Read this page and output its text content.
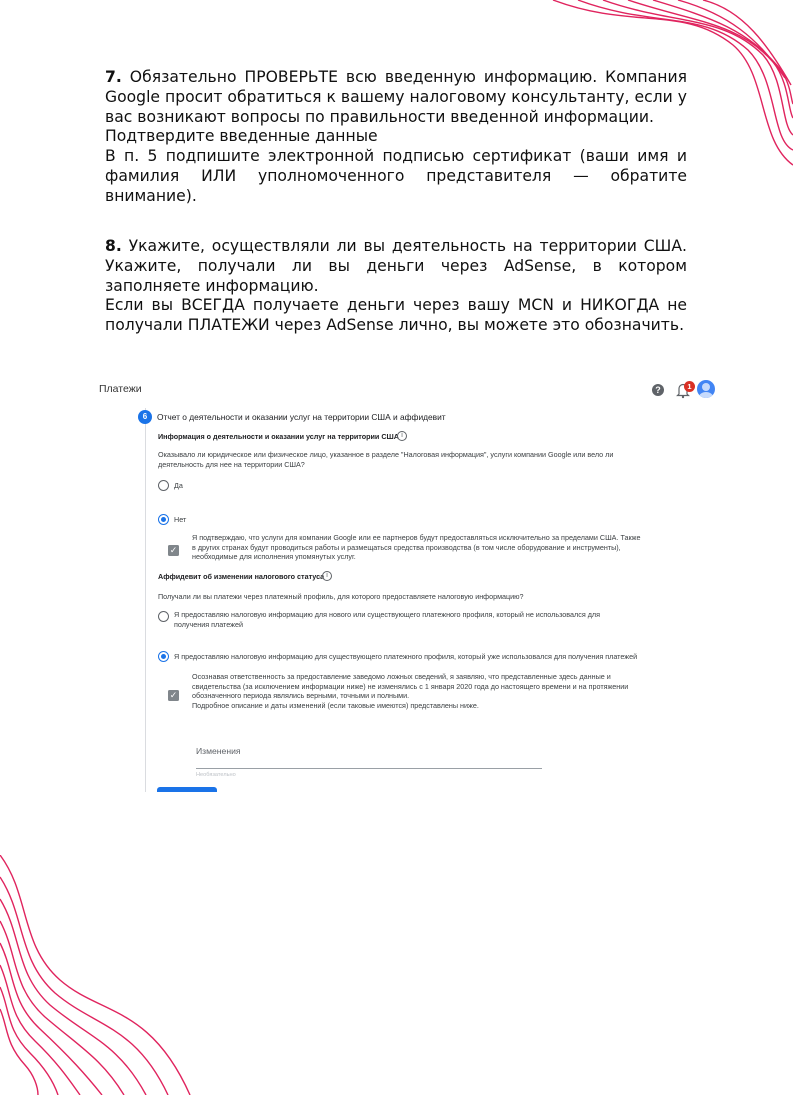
7. Обязательно ПРОВЕРЬТЕ всю введенную информацию. Компания Google просит обратиться к вашему налоговому консультанту, если у вас возникают вопросы по правильности введенной информации.

Подтвердите введенные данные

В п. 5 подпишите электронной подписью сертификат (ваши имя и фамилия ИЛИ уполномоченного представителя — обратите внимание).

8. Укажите, осуществляли ли вы деятельность на территории США. Укажите, получали ли вы деньги через AdSense, в котором заполняете информацию.

Если вы ВСЕГДА получаете деньги через вашу MCN и НИКОГДА не получали ПЛАТЕЖИ через AdSense лично, вы можете это обозначить.

Платежи	?	1
6	Отчет о деятельности и оказании услуг на территории США и аффидевит
Информация о деятельности и оказании услуг на территории США i
Оказывало ли юридическое или физическое лицо, указанное в разделе "Налоговая информация", услуги компании Google или вело ли деятельность для нее на территории США?
Да
Нет
✓
Я подтверждаю, что услуги для компании Google или ее партнеров будут предоставляться исключительно за пределами США. Также в других странах будут проводиться работы и размещаться средства производства (в том числе оборудование и инструменты), необходимые для исполнения упомянутых услуг.
Аффидевит об изменении налогового статуса i
Получали ли вы платежи через платежный профиль, для которого предоставляете налоговую информацию?
Я предоставляю налоговую информацию для нового или существующего платежного профиля, который не использовался для получения платежей
Я предоставляю налоговую информацию для существующего платежного профиля, который уже использовался для получения платежей
✓
Осознавая ответственность за предоставление заведомо ложных сведений, я заявляю, что представленные здесь данные и свидетельства (за исключением информации ниже) не изменялись с 1 января 2020 года до настоящего времени и на протяжении обозначенного периода являлись верными, точными и полными.
Подробное описание и даты изменений (если таковые имеются) представлены ниже.
Изменения
Необязательно
